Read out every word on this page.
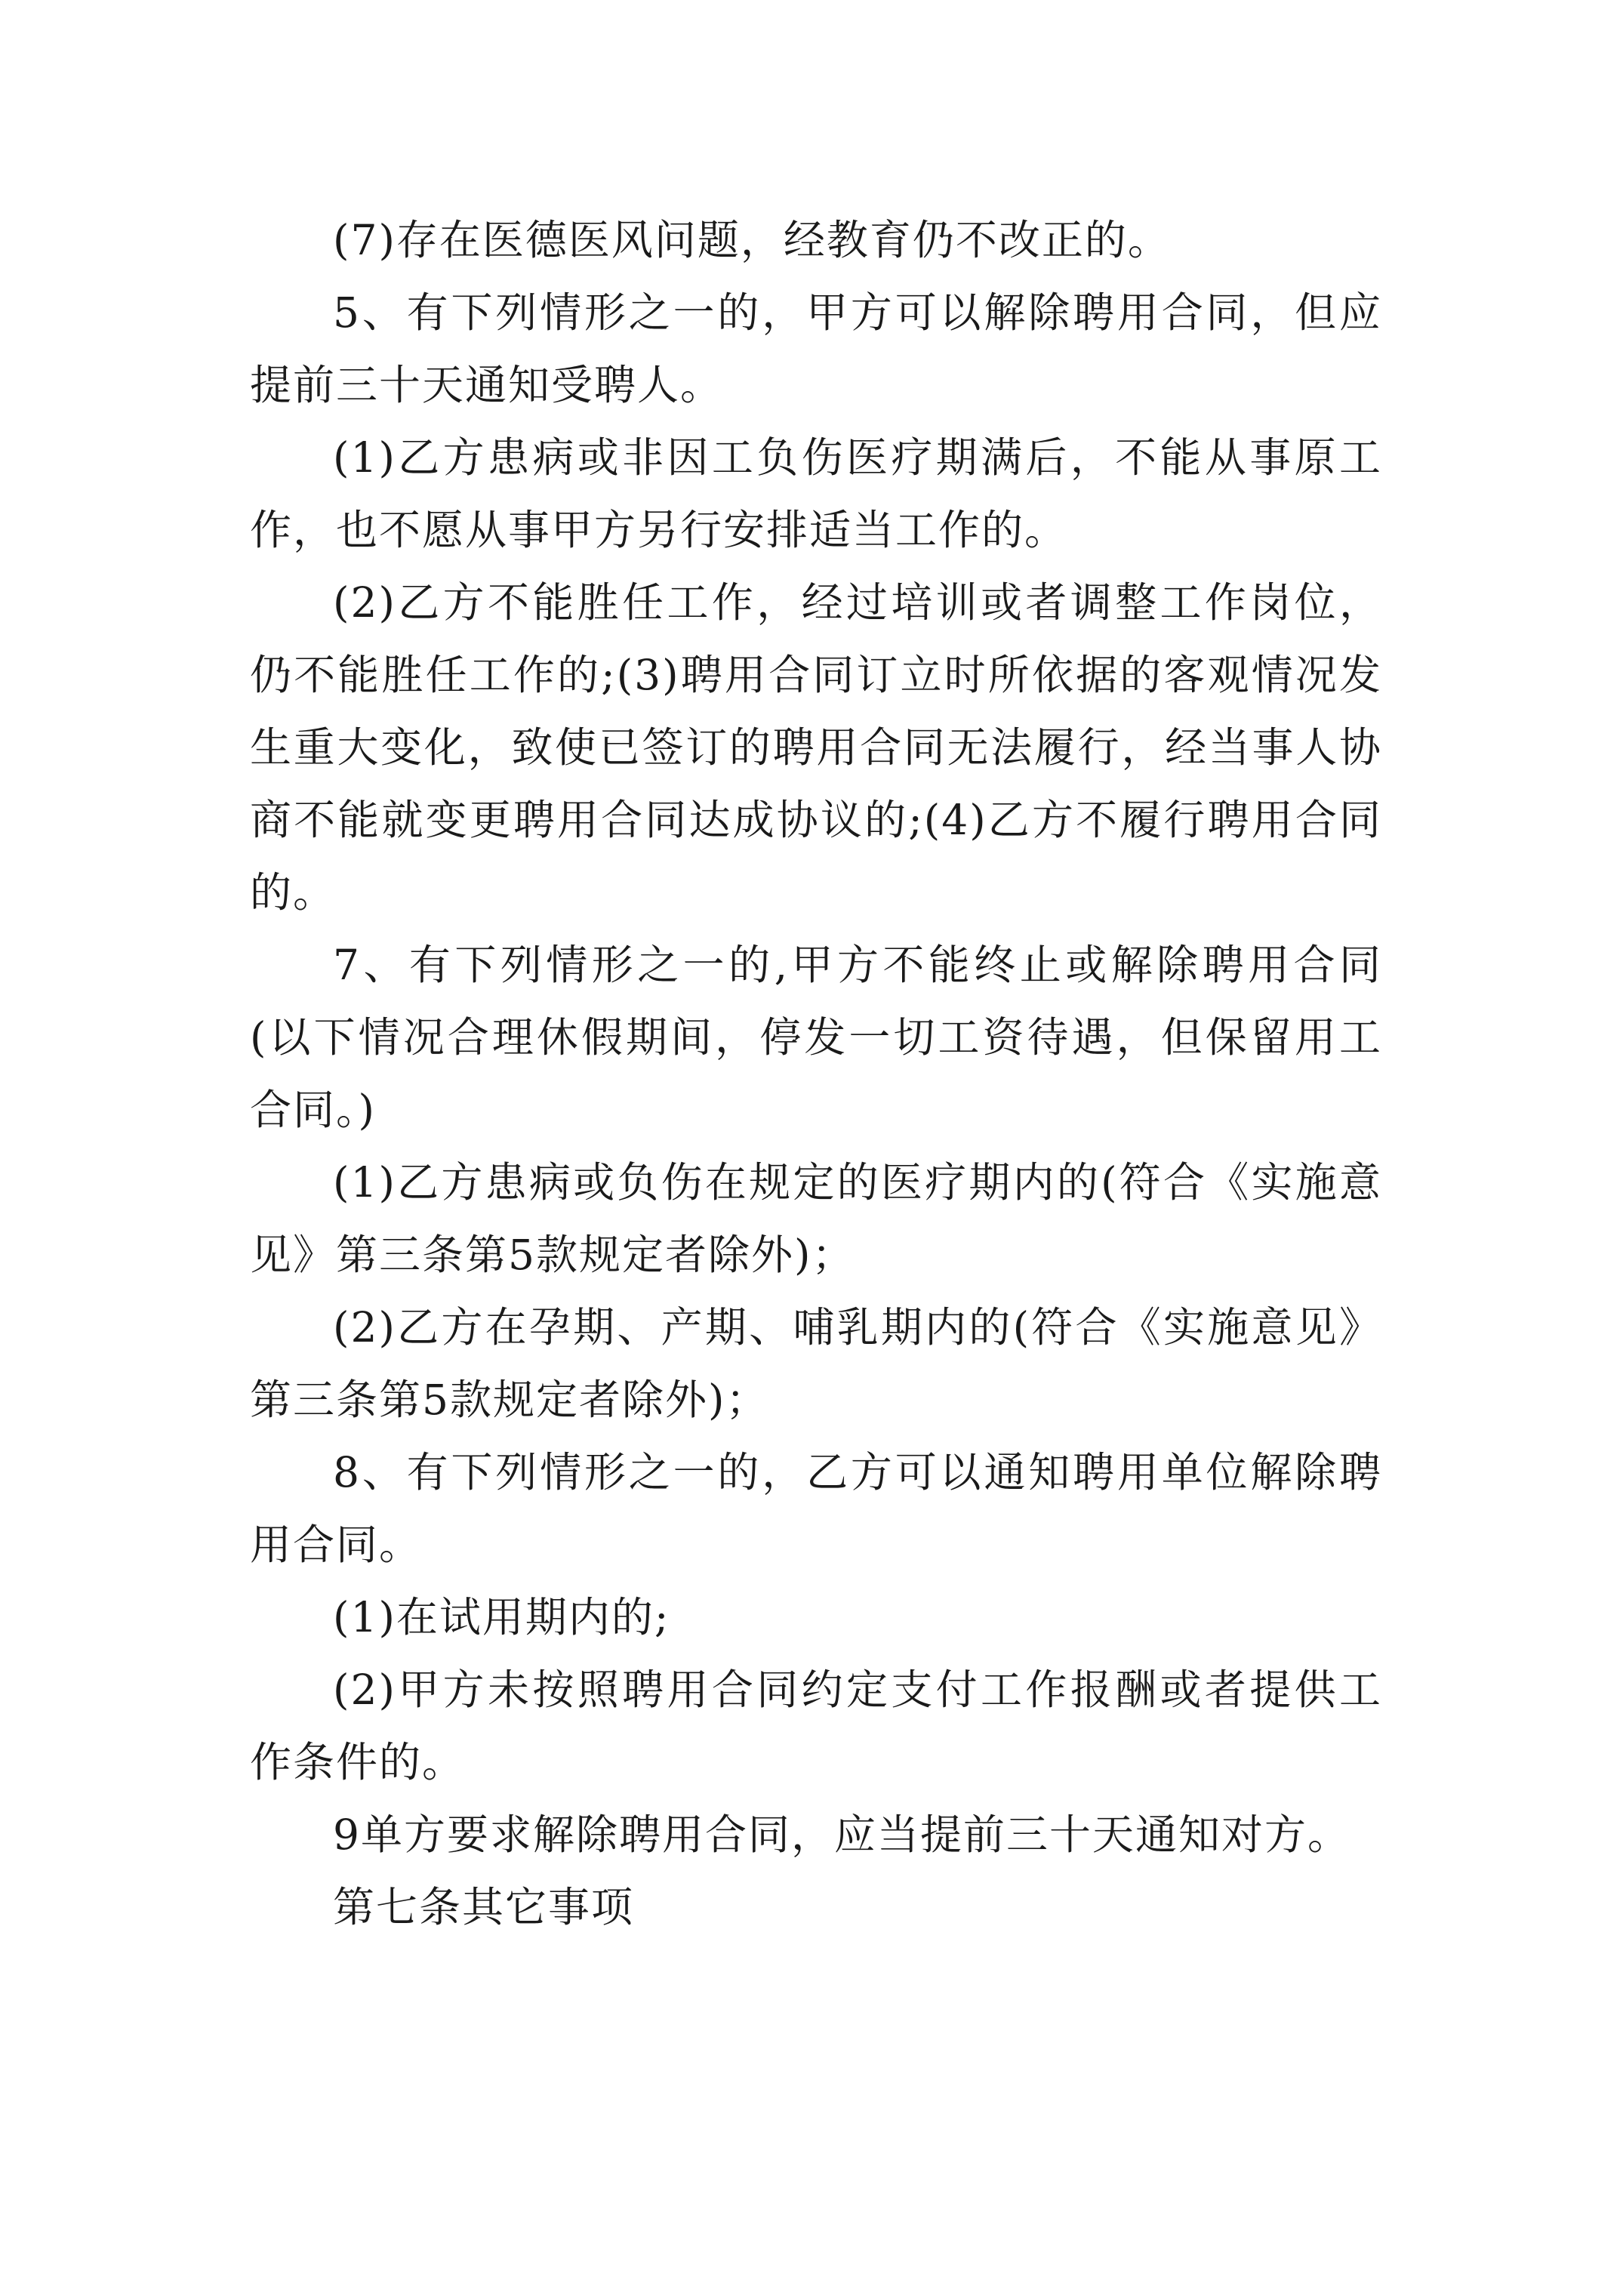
(7)存在医德医风问题，经教育仍不改正的。

5、有下列情形之一的，甲方可以解除聘用合同，但应提前三十天通知受聘人。

(1)乙方患病或非因工负伤医疗期满后，不能从事原工作，也不愿从事甲方另行安排适当工作的。

(2)乙方不能胜任工作，经过培训或者调整工作岗位，仍不能胜任工作的;(3)聘用合同订立时所依据的客观情况发生重大变化，致使已签订的聘用合同无法履行，经当事人协商不能就变更聘用合同达成协议的;(4)乙方不履行聘用合同的。

7、有下列情形之一的,甲方不能终止或解除聘用合同(以下情况合理休假期间，停发一切工资待遇，但保留用工合同。)

(1)乙方患病或负伤在规定的医疗期内的(符合《实施意见》第三条第5款规定者除外)；

(2)乙方在孕期、产期、哺乳期内的(符合《实施意见》第三条第5款规定者除外)；

8、有下列情形之一的，乙方可以通知聘用单位解除聘用合同。

(1)在试用期内的;

(2)甲方未按照聘用合同约定支付工作报酬或者提供工作条件的。

9单方要求解除聘用合同，应当提前三十天通知对方。

第七条其它事项
